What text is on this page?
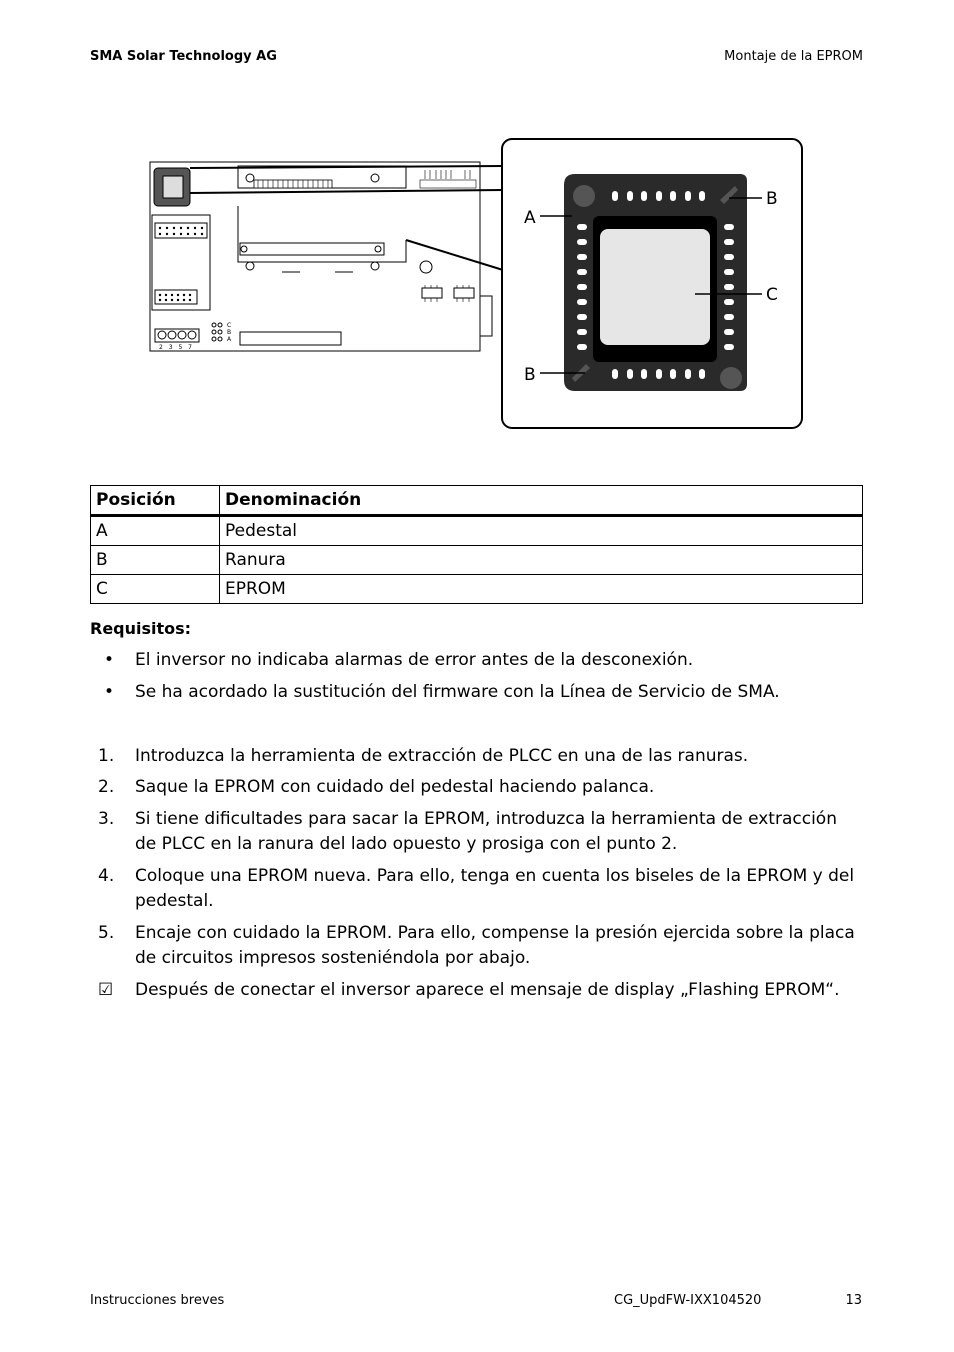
SMA Solar Technology AG	Montaje de la EPROM
C
B
A
2 3 5 7
A
B
C
B
Posición	Denominación
A	Pedestal
B	Ranura
C	EPROM
Requisitos:
•	El inversor no indicaba alarmas de error antes de la desconexión.
•	Se ha acordado la sustitución del firmware con la Línea de Servicio de SMA.
1.	Introduzca la herramienta de extracción de PLCC en una de las ranuras.
2.	Saque la EPROM con cuidado del pedestal haciendo palanca.
3.	Si tiene dificultades para sacar la EPROM, introduzca la herramienta de extracción de PLCC en la ranura del lado opuesto y prosiga con el punto 2.
4.	Coloque una EPROM nueva. Para ello, tenga en cuenta los biseles de la EPROM y del pedestal.
5.	Encaje con cuidado la EPROM. Para ello, compense la presión ejercida sobre la placa de circuitos impresos sosteniéndola por abajo.
☑	Después de conectar el inversor aparece el mensaje de display „Flashing EPROM“.
Instrucciones breves	CG_UpdFW-IXX104520	13
